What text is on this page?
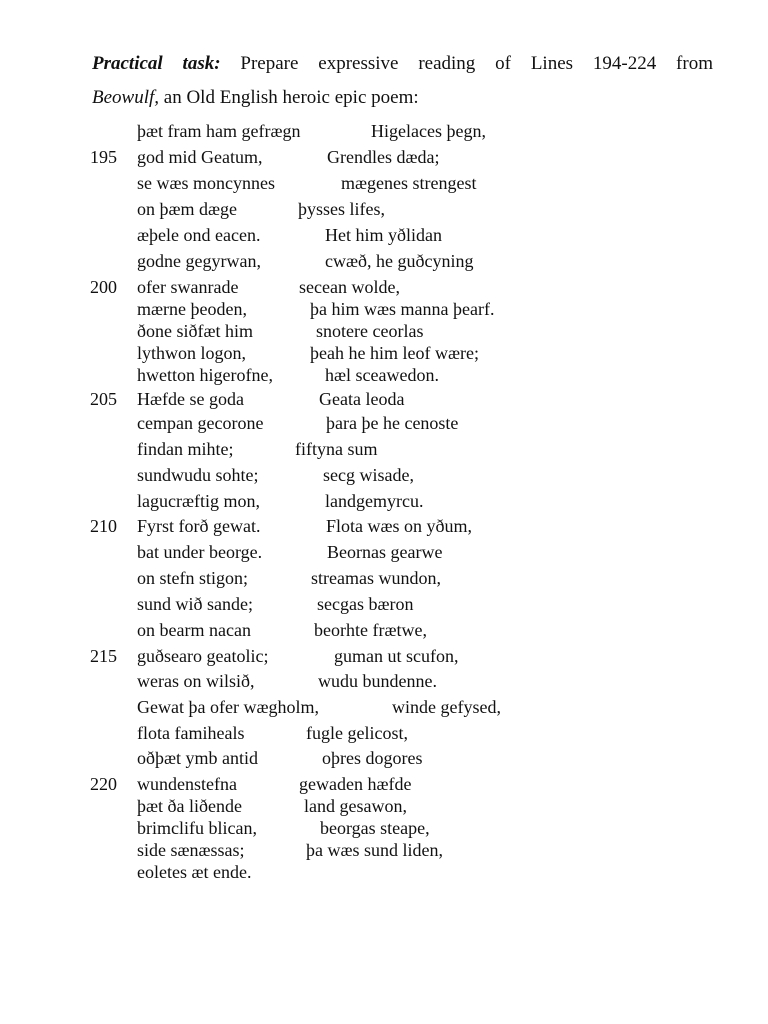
Practical task: Prepare expressive reading of Lines 194-224 from
Beowulf, an Old English heroic epic poem:
þæt fram ham gefrægn	Higelaces þegn,
195 god mid Geatum,	Grendles dæda;
se wæs moncynnes	mægenes strengest
on þæm dæge	þysses lifes,
æþele ond eacen.	Het him yðlidan
godne gegyrwan,	cwæð, he guðcyning
200 ofer swanrade	secean wolde,
mærne þeoden,	þa him wæs manna þearf.
ðone siðfæt him	snotere ceorlas
lythwon logon,	þeah he him leof wære;
hwetton higerofne,	hæl sceawedon.
205 Hæfde se goda	Geata leoda
cempan gecorone	þara þe he cenoste
findan mihte;	fiftyna sum
sundwudu sohte;	secg wisade,
lagucræftig mon,	landgemyrcu.
210 Fyrst forð gewat.	Flota wæs on yðum,
bat under beorge.	Beornas gearwe
on stefn stigon;	streamas wundon,
sund wið sande;	secgas bæron
on bearm nacan	beorhte frætwe,
215 guðsearo geatolic;	guman ut scufon,
weras on wilsið,	wudu bundenne.
Gewat þa ofer wægholm,	winde gefysed,
flota famiheals	fugle gelicost,
oðþæt ymb antid	oþres dogores
220 wundenstefna	gewaden hæfde
þæt ða liðende	land gesawon,
brimclifu blican,	beorgas steape,
side sænæssas;	þa wæs sund liden,
eoletes æt ende.
